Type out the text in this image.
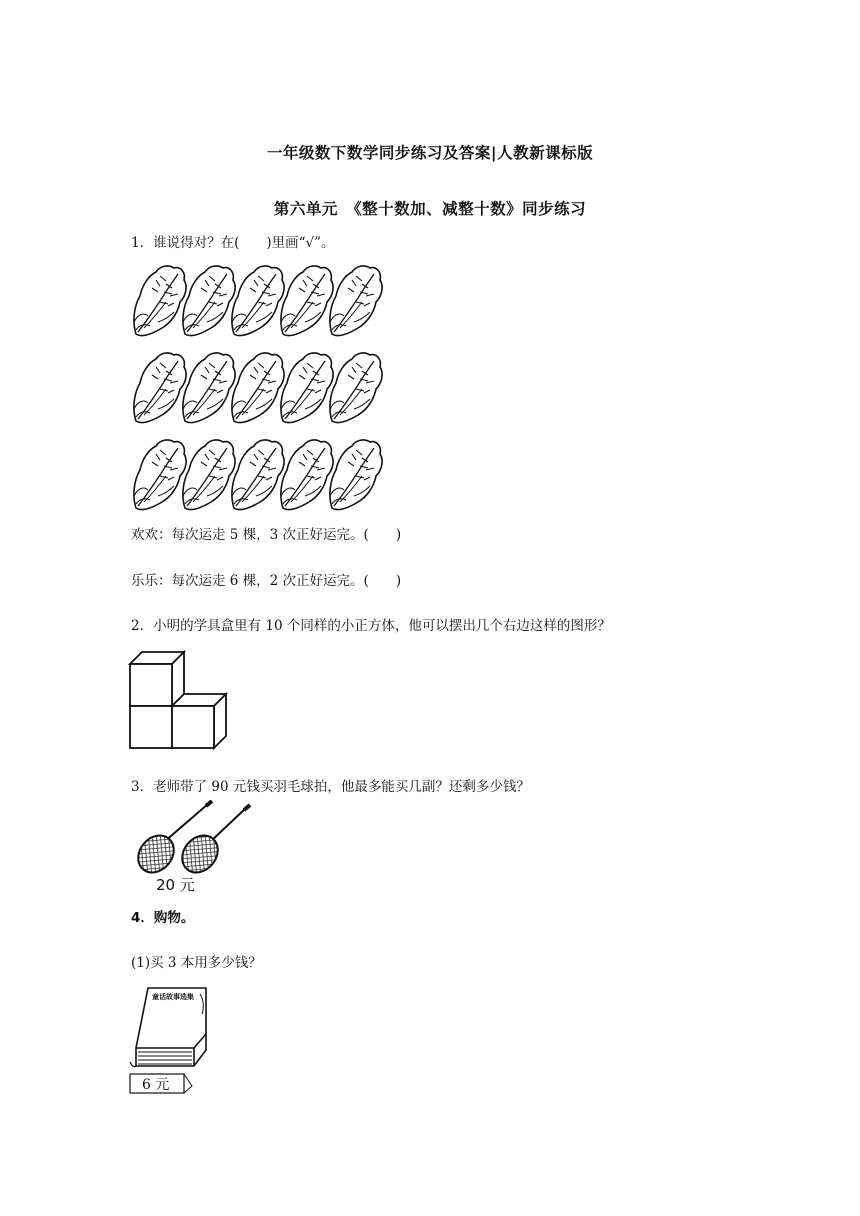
一年级数下数学同步练习及答案|人教新课标版
第六单元　《整十数加、减整十数》同步练习
1．谁说得对？在(　　)里画“√”。
欢欢：每次运走 5 棵，3 次正好运完。(　　)
乐乐：每次运走 6 棵，2 次正好运完。(　　)
2．小明的学具盒里有 10 个同样的小正方体，他可以摆出几个右边这样的图形？
3．老师带了 90 元钱买羽毛球拍，他最多能买几副？还剩多少钱？
20 元
4．购物。
(1)买 3 本用多少钱？
童话故事选集
6 元
